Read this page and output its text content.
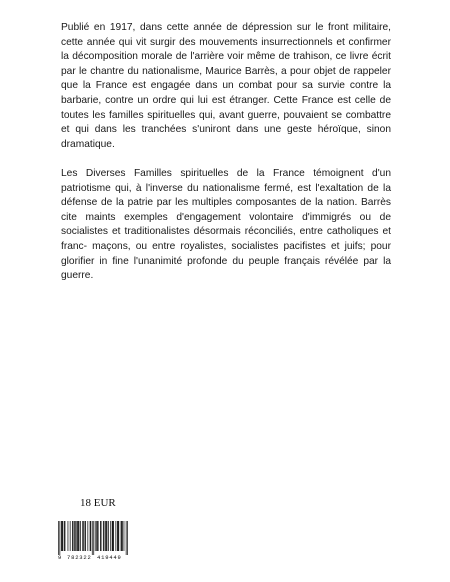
Publié en 1917, dans cette année de dépression sur le front militaire, cette année qui vit surgir des mouvements insurrectionnels et confirmer la décomposition morale de l'arrière voir même de trahison, ce livre écrit par le chantre du nationalisme, Maurice Barrès, a pour objet de rappeler que la France est engagée dans un combat pour sa survie contre la barbarie, contre un ordre qui lui est étranger. Cette France est celle de toutes les familles spirituelles qui, avant guerre, pouvaient se combattre et qui dans les tranchées s'uniront dans une geste héroïque, sinon dramatique.

Les Diverses Familles spirituelles de la France témoignent d'un patriotisme qui, à l'inverse du nationalisme fermé, est l'exaltation de la défense de la patrie par les multiples composantes de la nation. Barrès cite maints exemples d'engagement volontaire d'immigrés ou de socialistes et traditionalistes désormais réconciliés, entre catholiques et franc- maçons, ou entre royalistes, socialistes pacifistes et juifs; pour glorifier in fine l'unanimité profonde du peuple français révélée par la guerre.

18 EUR
9 782322 419449
